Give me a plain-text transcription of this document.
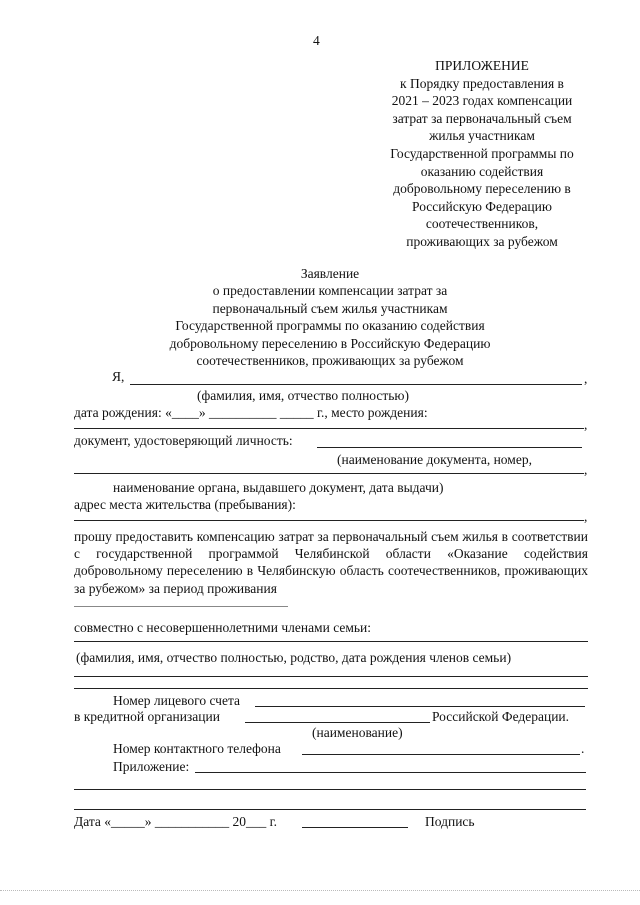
4
ПРИЛОЖЕНИЕ
к Порядку предоставления в
2021 – 2023 годах компенсации
затрат за первоначальный съем
жилья участникам
Государственной программы по
оказанию содействия
добровольному переселению в
Российскую Федерацию
соотечественников,
проживающих за рубежом
Заявление
о предоставлении компенсации затрат за
первоначальный съем жилья участникам
Государственной программы по оказанию содействия
добровольному переселению в Российскую Федерацию
соотечественников, проживающих за рубежом
Я,	,
(фамилия, имя, отчество полностью)
дата рождения: «____» __________ _____ г., место рождения:
,
документ, удостоверяющий личность:
(наименование документа, номер,
,
наименование органа, выдавшего документ, дата выдачи)
адрес места жительства (пребывания):
,
прошу предоставить компенсацию затрат за первоначальный съем жилья в соответствии с государственной программой Челябинской области «Оказание содействия добровольному переселению в Челябинскую область соотечественников, проживающих за рубежом» за период проживания
совместно с несовершеннолетними членами семьи:
(фамилия, имя, отчество полностью, родство, дата рождения членов семьи)
Номер лицевого счета
в кредитной организации	Российской Федерации.
(наименование)
Номер контактного телефона	.
Приложение:
Дата «_____» ___________ 20___ г.	Подпись
